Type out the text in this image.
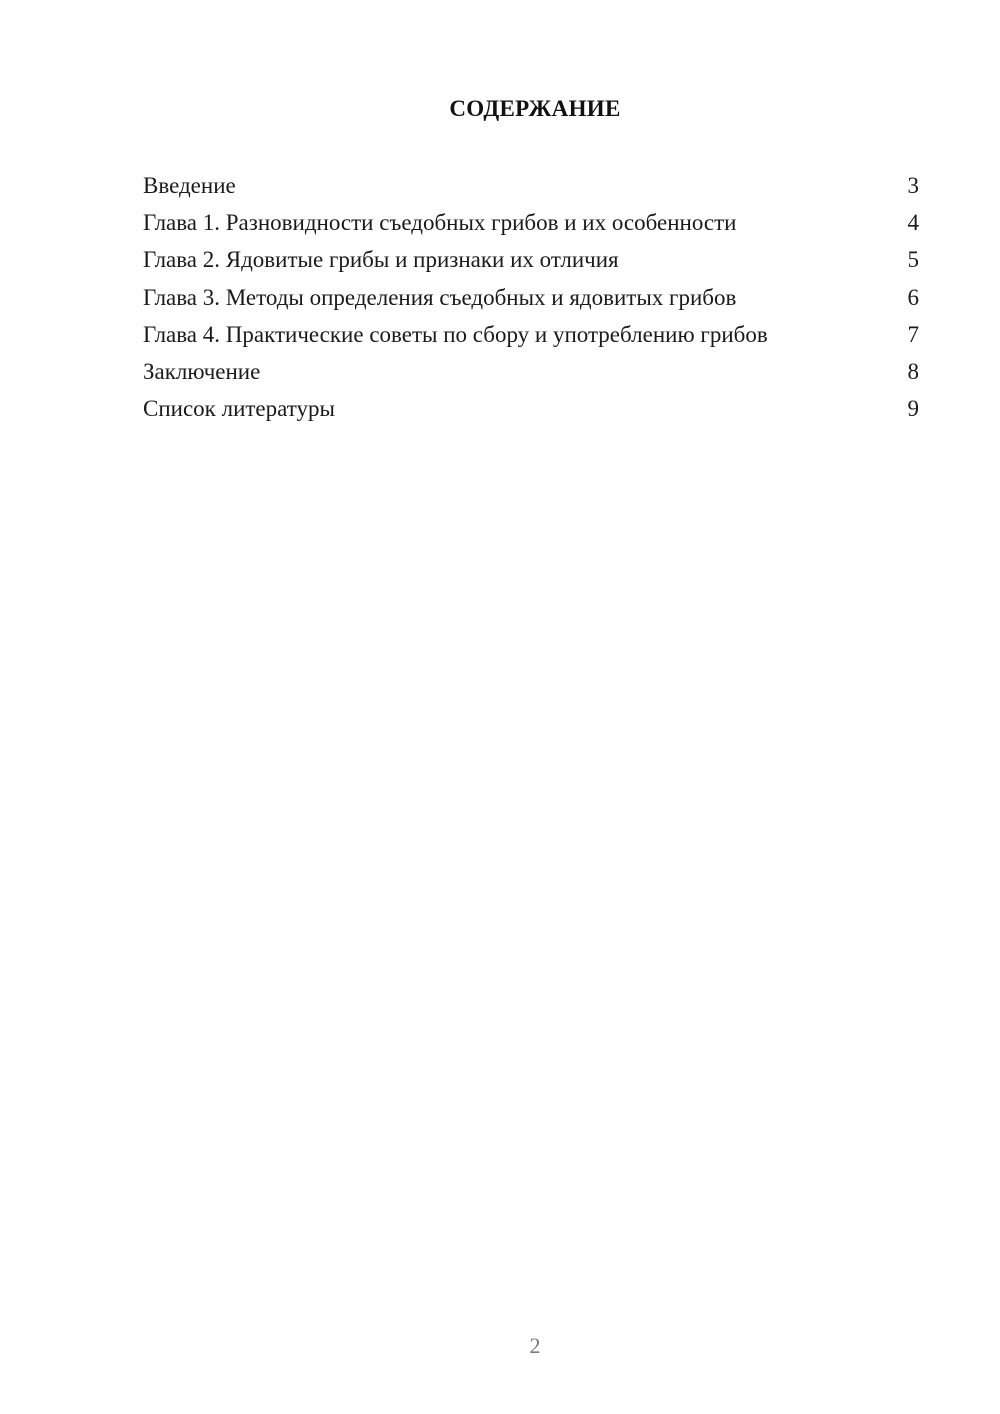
СОДЕРЖАНИЕ
Введение	3
Глава 1. Разновидности съедобных грибов и их особенности	4
Глава 2. Ядовитые грибы и признаки их отличия	5
Глава 3. Методы определения съедобных и ядовитых грибов	6
Глава 4. Практические советы по сбору и употреблению грибов	7
Заключение	8
Список литературы	9
2
